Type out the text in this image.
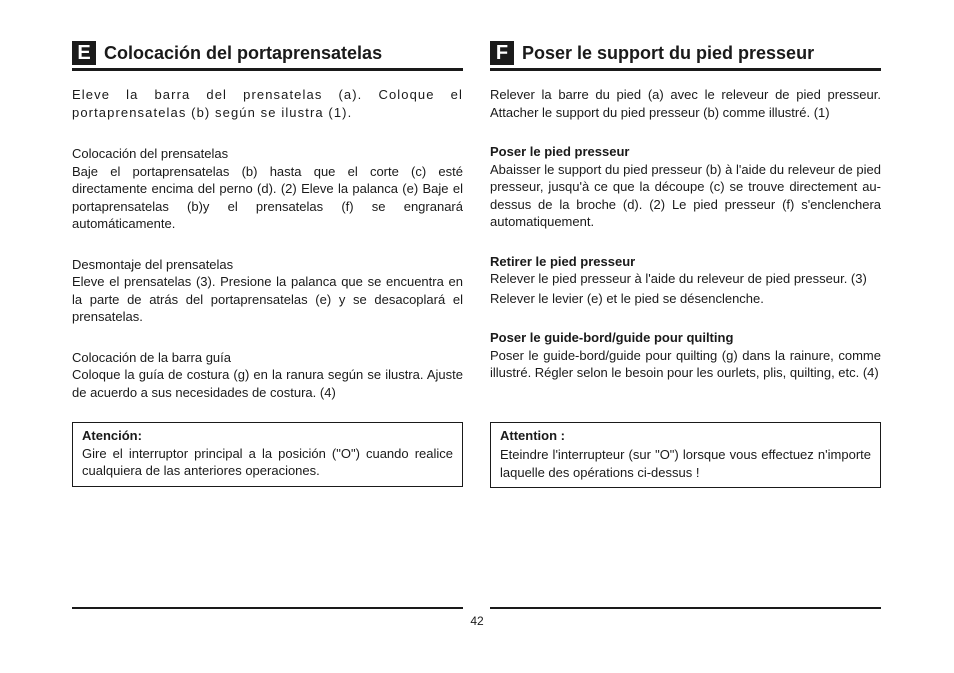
E Colocación del portaprensatelas

Eleve la barra del prensatelas (a). Coloque el portaprensatelas (b) según se ilustra (1).

Colocación del prensatelas

Baje el portaprensatelas (b) hasta que el corte (c) esté directamente encima del perno (d). (2) Eleve la palanca (e) Baje el portaprensatelas (b)y el prensatelas (f) se engranará automáticamente.

Desmontaje del prensatelas

Eleve el prensatelas (3). Presione la palanca que se encuentra en la parte de atrás del portaprensatelas (e) y se desacoplará el prensatelas.

Colocación de la barra guía

Coloque la guía de costura (g) en la ranura según se ilustra. Ajuste de acuerdo a sus necesidades de costura. (4)

Atención:

Gire el interruptor principal a la posición ("O") cuando realice cualquiera de las anteriores operaciones.

F Poser le support du pied presseur

Relever la barre du pied (a) avec le releveur de pied presseur. Attacher le support du pied presseur (b) comme illustré. (1)

Poser le pied presseur

Abaisser le support du pied presseur (b) à l'aide du releveur de pied presseur, jusqu'à ce que la découpe (c) se trouve directement au-dessus de la broche (d). (2) Le pied presseur (f) s'enclenchera automatiquement.

Retirer le pied presseur

Relever le pied presseur à l'aide du releveur de pied presseur. (3)

Relever le levier (e) et le pied se désenclenche.

Poser le guide-bord/guide pour quilting

Poser le guide-bord/guide pour quilting (g) dans la rainure, comme illustré. Régler selon le besoin pour les ourlets, plis, quilting, etc. (4)

Attention :

Eteindre l'interrupteur (sur "O") lorsque vous effectuez n'importe laquelle des opérations ci-dessus !

42
